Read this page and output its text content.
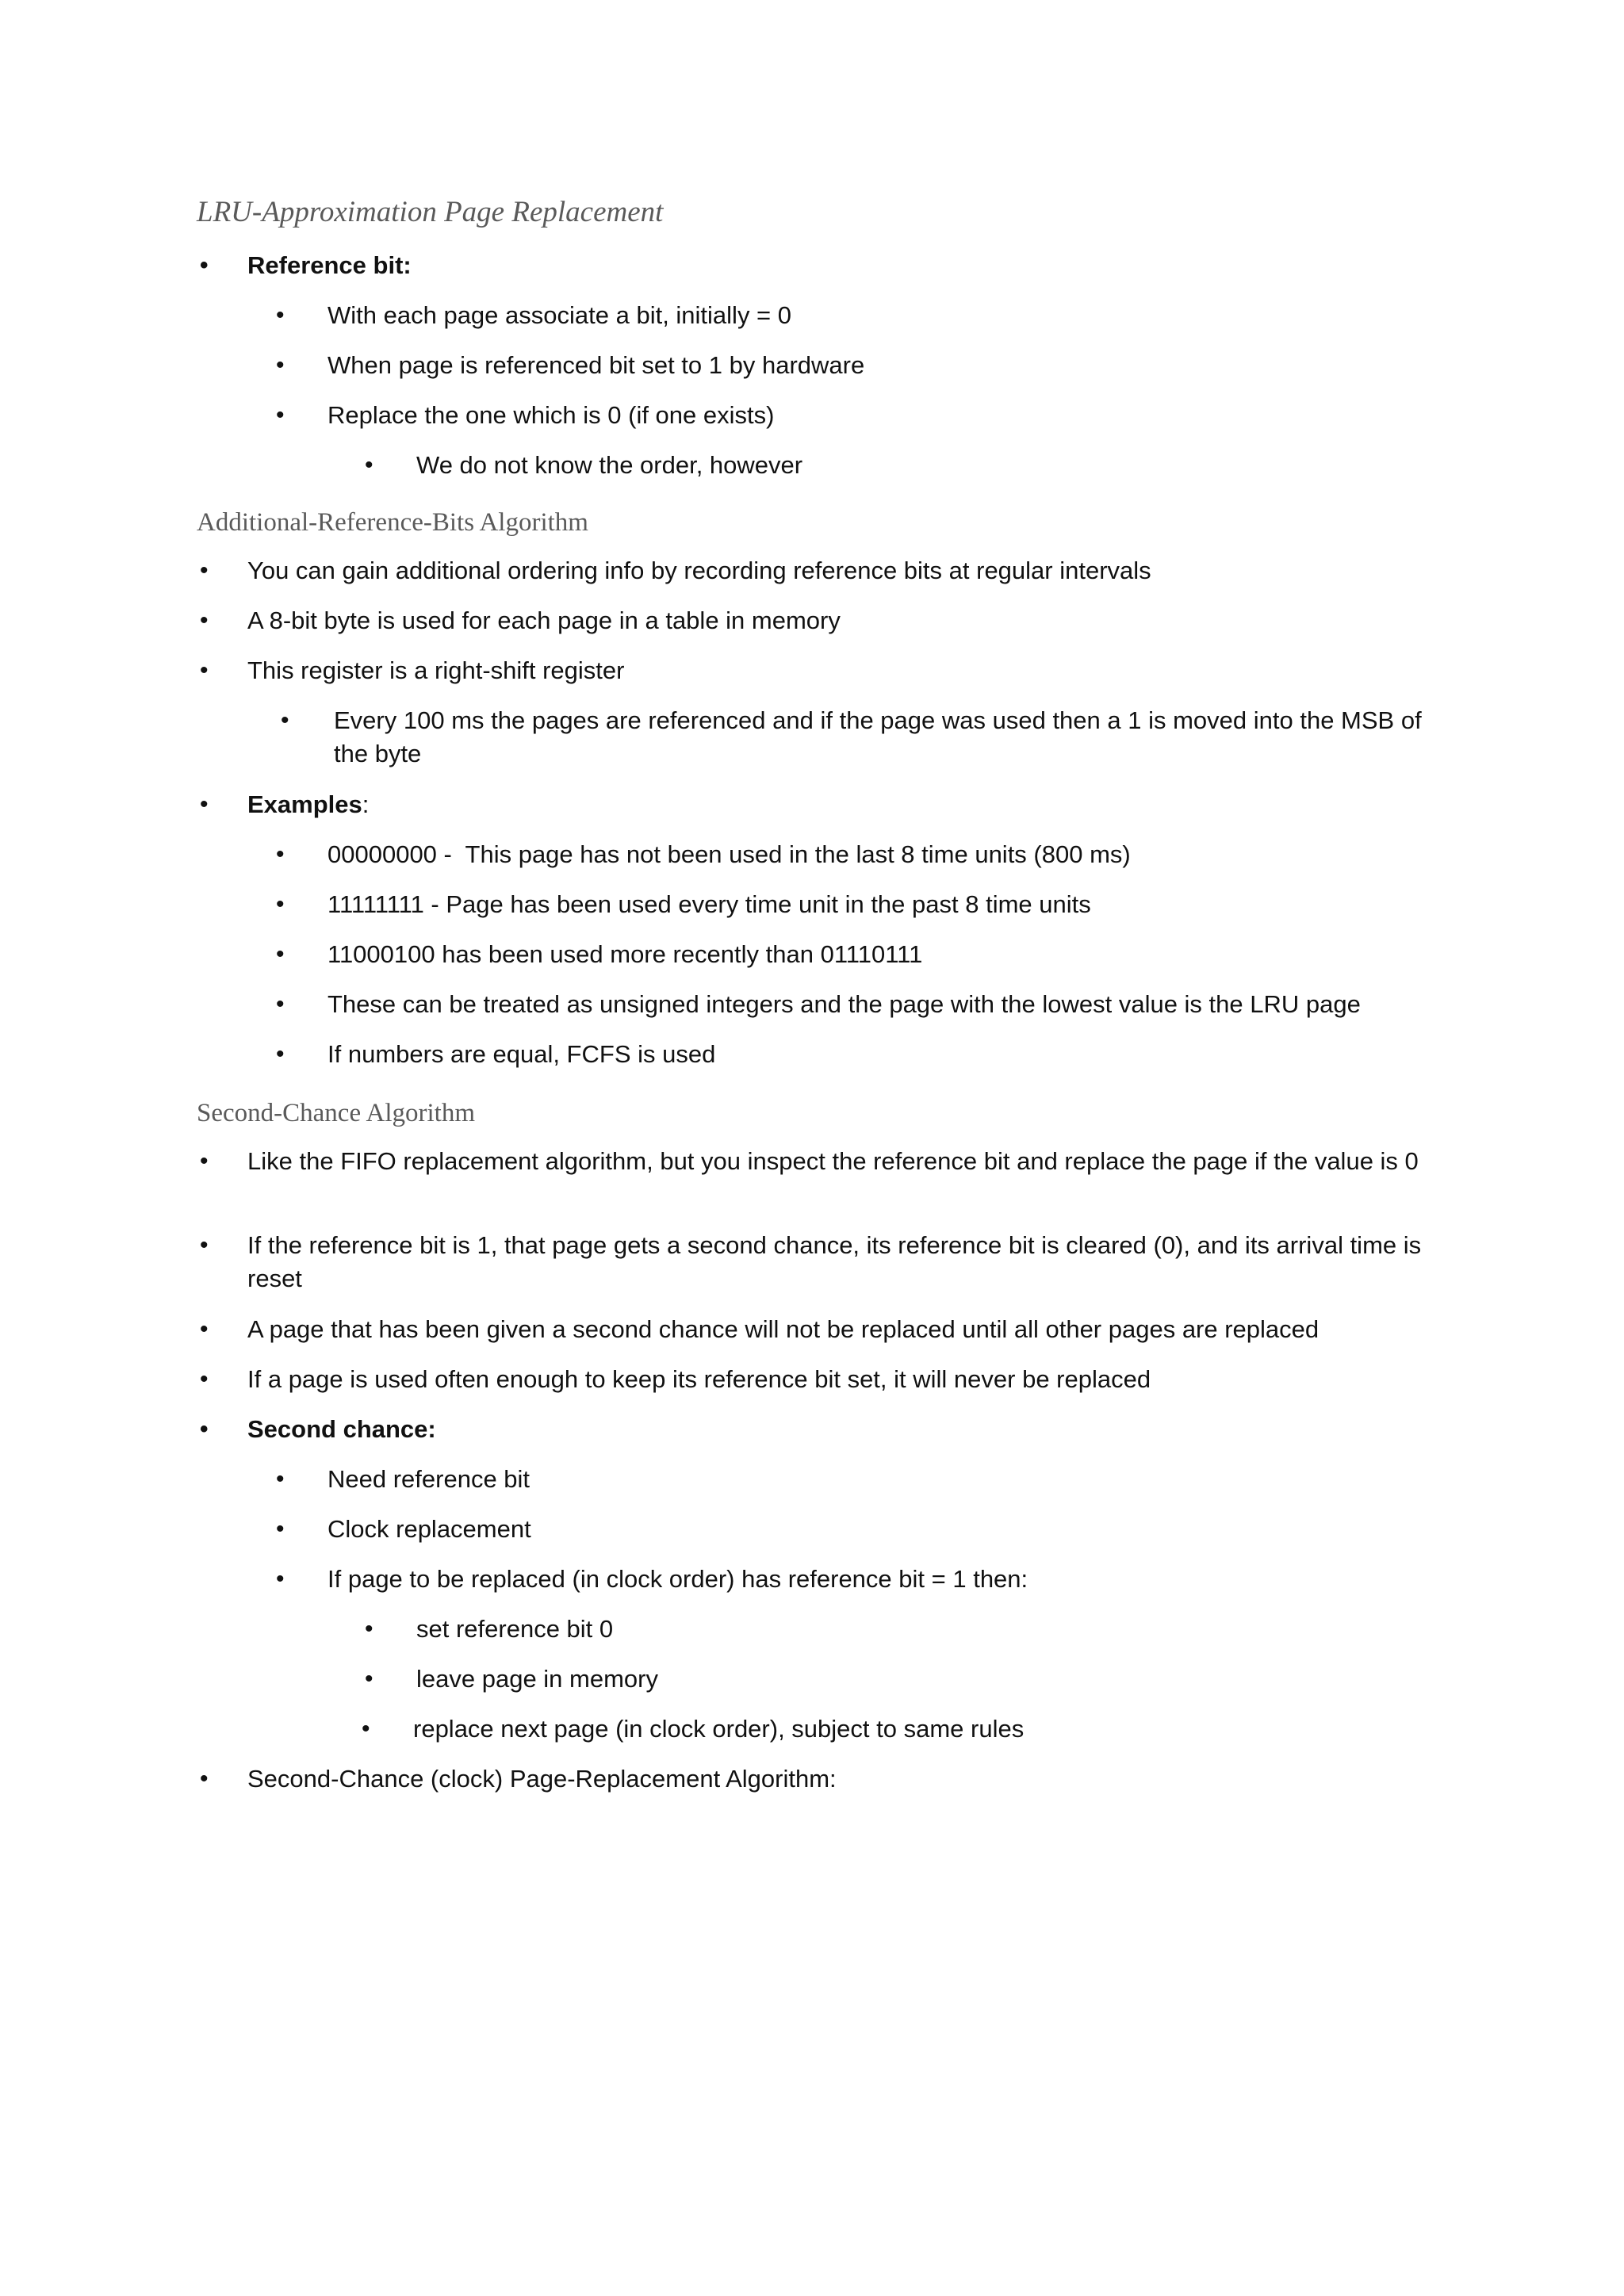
LRU-Approximation Page Replacement
• Reference bit:
• With each page associate a bit, initially = 0
• When page is referenced bit set to 1 by hardware
• Replace the one which is 0 (if one exists)
• We do not know the order, however
Additional-Reference-Bits Algorithm
• You can gain additional ordering info by recording reference bits at regular intervals
• A 8-bit byte is used for each page in a table in memory
• This register is a right-shift register
• Every 100 ms the pages are referenced and if the page was used then a 1 is moved into the MSB of the byte
• Examples:
• 00000000 -  This page has not been used in the last 8 time units (800 ms)
• 11111111 - Page has been used every time unit in the past 8 time units
• 11000100 has been used more recently than 01110111
• These can be treated as unsigned integers and the page with the lowest value is the LRU page
• If numbers are equal, FCFS is used
Second-Chance Algorithm
• Like the FIFO replacement algorithm, but you inspect the reference bit and replace the page if the value is 0
• If the reference bit is 1, that page gets a second chance, its reference bit is cleared (0), and its arrival time is reset
• A page that has been given a second chance will not be replaced until all other pages are replaced
• If a page is used often enough to keep its reference bit set, it will never be replaced
• Second chance:
• Need reference bit
• Clock replacement
• If page to be replaced (in clock order) has reference bit = 1 then:
• set reference bit 0
• leave page in memory
• replace next page (in clock order), subject to same rules
• Second-Chance (clock) Page-Replacement Algorithm:
